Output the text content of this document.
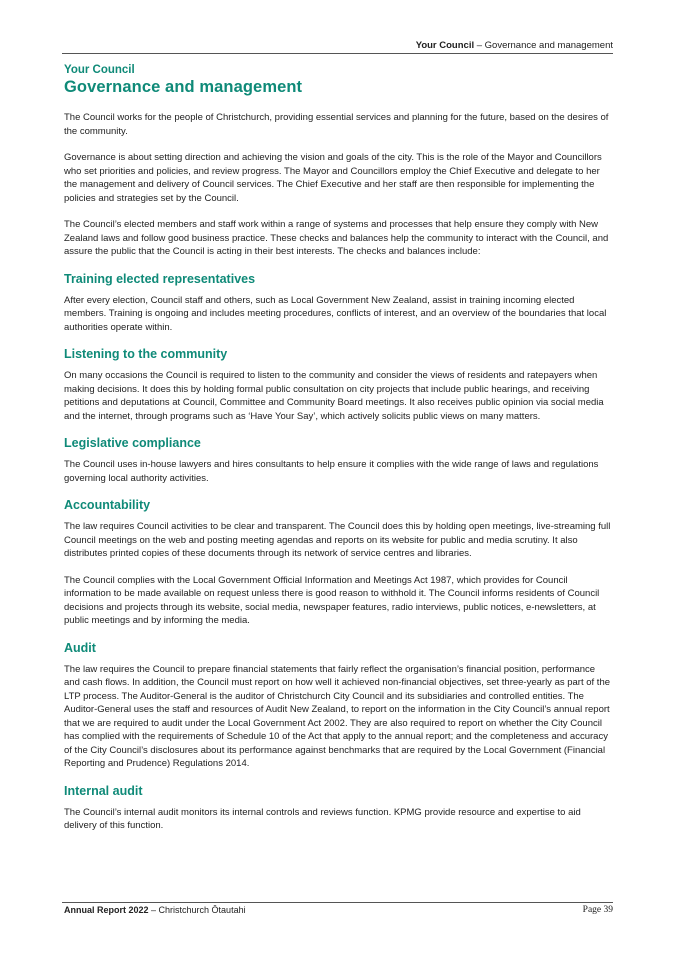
Your Council – Governance and management
Your Council
Governance and management

The Council works for the people of Christchurch, providing essential services and planning for the future, based on the desires of the community.

Governance is about setting direction and achieving the vision and goals of the city. This is the role of the Mayor and Councillors who set priorities and policies, and review progress. The Mayor and Councillors employ the Chief Executive and delegate to her the management and delivery of Council services. The Chief Executive and her staff are then responsible for implementing the policies and strategies set by the Council.

The Council’s elected members and staff work within a range of systems and processes that help ensure they comply with New Zealand laws and follow good business practice. These checks and balances help the community to interact with the Council, and assure the public that the Council is acting in their best interests. The checks and balances include:

Training elected representatives

After every election, Council staff and others, such as Local Government New Zealand, assist in training incoming elected members. Training is ongoing and includes meeting procedures, conflicts of interest, and an overview of the boundaries that local authorities operate within.

Listening to the community

On many occasions the Council is required to listen to the community and consider the views of residents and ratepayers when making decisions. It does this by holding formal public consultation on city projects that include public hearings, and receiving petitions and deputations at Council, Committee and Community Board meetings. It also receives public opinion via social media and the internet, through programs such as ‘Have Your Say’, which actively solicits public views on many matters.

Legislative compliance

The Council uses in-house lawyers and hires consultants to help ensure it complies with the wide range of laws and regulations governing local authority activities.

Accountability

The law requires Council activities to be clear and transparent. The Council does this by holding open meetings, live-streaming full Council meetings on the web and posting meeting agendas and reports on its website for public and media scrutiny. It also distributes printed copies of these documents through its network of service centres and libraries.

The Council complies with the Local Government Official Information and Meetings Act 1987, which provides for Council information to be made available on request unless there is good reason to withhold it. The Council informs residents of Council decisions and projects through its website, social media, newspaper features, radio interviews, public notices, e-newsletters, at public meetings and by informing the media.

Audit

The law requires the Council to prepare financial statements that fairly reflect the organisation’s financial position, performance and cash flows. In addition, the Council must report on how well it achieved non-financial objectives, set three-yearly as part of the LTP process. The Auditor-General is the auditor of Christchurch City Council and its subsidiaries and controlled entities. The Auditor-General uses the staff and resources of Audit New Zealand, to report on the information in the City Council’s annual report that we are required to audit under the Local Government Act 2002. They are also required to report on whether the City Council has complied with the requirements of Schedule 10 of the Act that apply to the annual report; and the completeness and accuracy of the City Council’s disclosures about its performance against benchmarks that are required by the Local Government (Financial Reporting and Prudence) Regulations 2014.

Internal audit

The Council’s internal audit monitors its internal controls and reviews function. KPMG provide resource and expertise to aid delivery of this function.

Annual Report 2022 – Christchurch Ōtautahi	Page 39
